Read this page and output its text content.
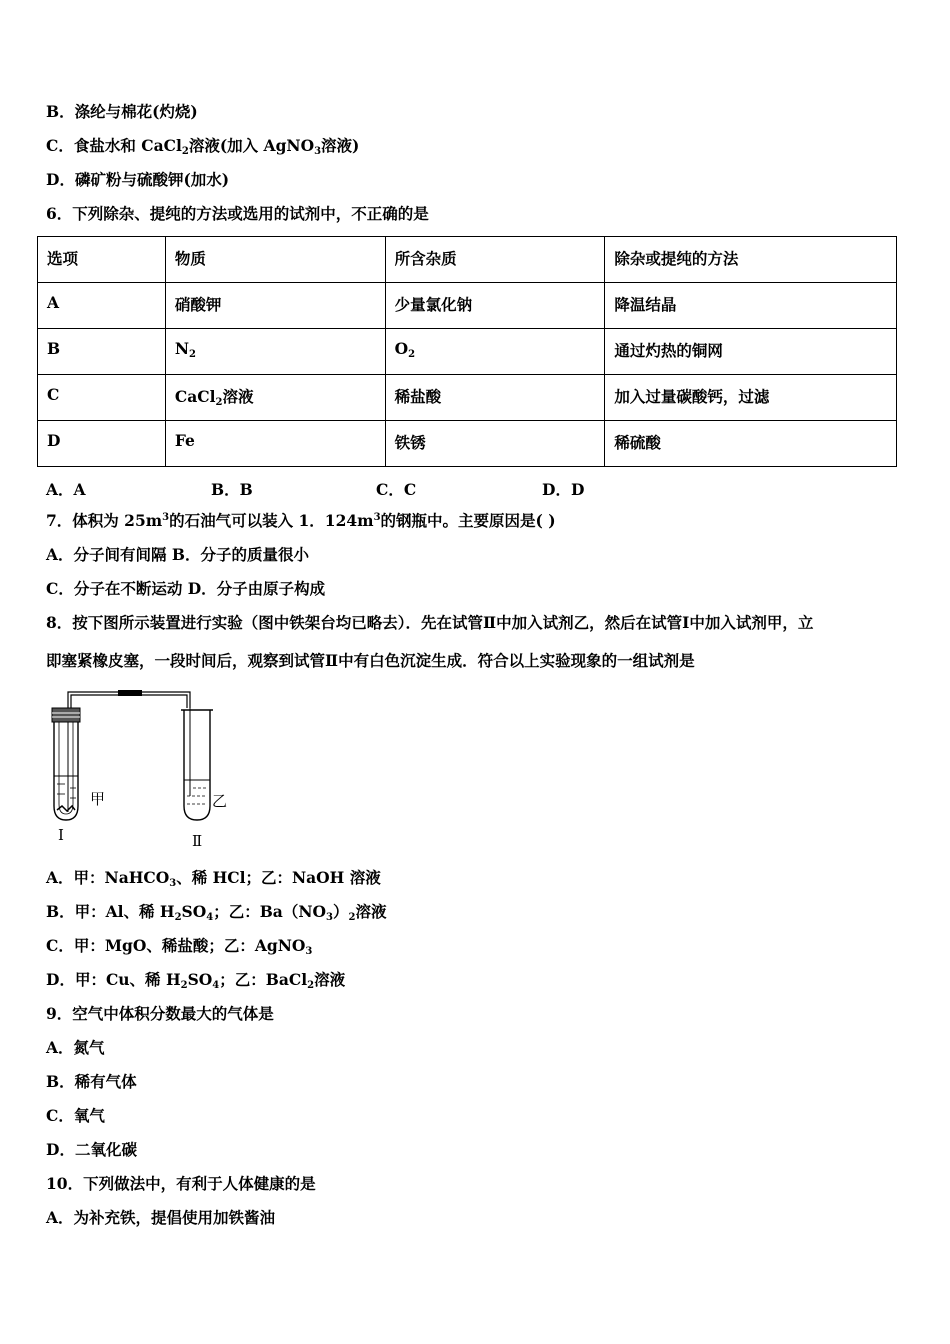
B．涤纶与棉花(灼烧)
C．食盐水和 CaCl$_2$溶液(加入 AgNO$_3$溶液)
D．磷矿粉与硫酸钾(加水)
6．下列除杂、提纯的方法或选用的试剂中，不正确的是
选项	物质	所含杂质	除杂或提纯的方法
A	硝酸钾	少量氯化钠	降温结晶
B	$N_2$	$O_2$	通过灼热的铜网
C	CaCl$_2$溶液	稀盐酸	加入过量碳酸钙，过滤
D	Fe	铁锈	稀硫酸
A．A	B．B	C．C	D．D
7．体积为 $25m^3$的石油气可以装入 1．$124m^3$的钢瓶中。主要原因是( )
A．分子间有间隔 B．分子的质量很小
C．分子在不断运动 D．分子由原子构成
8．按下图所示装置进行实验（图中铁架台均已略去）．先在试管Ⅱ中加入试剂乙，然后在试管Ⅰ中加入试剂甲，立
即塞紧橡皮塞，一段时间后，观察到试管Ⅱ中有白色沉淀生成．符合以上实验现象的一组试剂是
甲
Ⅰ
乙
Ⅱ
A．甲：NaHCO$_3$、稀 HCl；乙：NaOH 溶液
B．甲：Al、稀 $H_2SO_4$；乙：$Ba(NO_3)_2$溶液
C．甲：MgO、稀盐酸；乙：AgNO$_3$
D．甲：Cu、稀 $H_2SO_4$；乙：BaCl$_2$溶液
9．空气中体积分数最大的气体是
A．氮气
B．稀有气体
C．氧气
D．二氧化碳
10．下列做法中，有利于人体健康的是
A．为补充铁，提倡使用加铁酱油
